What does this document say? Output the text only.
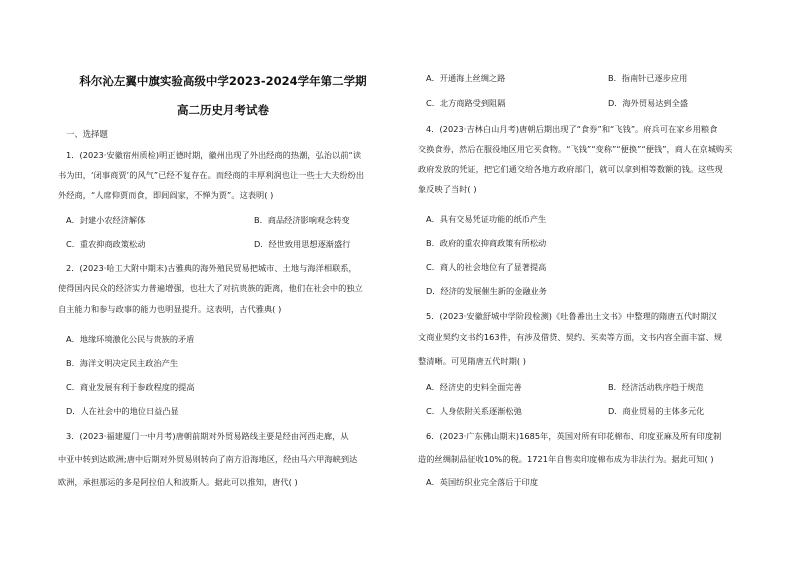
科尔沁左翼中旗实验高级中学2023-2024学年第二学期
高二历史月考试卷
一、选择题
1．(2023·安徽宿州质检)明正德时期，徽州出现了外出经商的热潮，弘治以前“读
书为田，‘闭事商贾’的风气”已经不复存在。而经商的丰厚利润也让一些士大夫纷纷出
外经商，“人席仰贾而食，即闾阎家，不惮为贾”。这表明( )
A．封建小农经济解体	B．商品经济影响观念转变
C．重农抑商政策松动	D．经世致用思想逐渐盛行
2．(2023·哈工大附中期末)古雅典的海外殖民贸易把城市、土地与海洋相联系，
使得国内民众的经济实力普遍增强，也壮大了对抗贵族的距离，他们在社会中的独立
自主能力和参与政事的能力也明显提升。这表明，古代雅典( )
A．地缘环境激化公民与贵族的矛盾
B．海洋文明决定民主政治产生
C．商业发展有利于参政程度的提高
D．人在社会中的地位日益凸显
3．(2023·福建厦门一中月考)唐朝前期对外贸易路线主要是经由河西走廊，从
中亚中转到达欧洲;唐中后期对外贸易则转向了南方沿海地区，经由马六甲海峡到达
欧洲，承担那运的多是阿拉伯人和波斯人。据此可以推知，唐代( )
A．开通海上丝绸之路	B．指南针已逐步应用
C．北方商路受到阻隔	D．海外贸易达到全盛
4．(2023·吉林白山月考)唐朝后期出现了“食券”和“飞钱”。府兵可在家乡用粮食
交换食券，然后在服役地区用它买食物。“飞钱”“变称”“便换”“便钱”，商人在京城购买
政府发放的凭证，把它们通交给各地方政府部门，就可以拿到相等数额的钱。这些现
象反映了当时( )
A．具有交易凭证功能的纸币产生
B．政府的重农抑商政策有所松动
C．商人的社会地位有了显著提高
D．经济的发展催生新的金融业务
5．(2023·安徽舒城中学阶段检测)《吐鲁番出土文书》中整理的隋唐五代时期汉
文商业契约文书约163件，有涉及借贷、契约、买卖等方面，文书内容全面丰富、规
整清晰。可见隋唐五代时期( )
A．经济史的史料全面完善	B．经济活动秩序趋于规范
C．人身依附关系逐渐松弛	D．商业贸易的主体多元化
6．(2023·广东佛山期末)1685年，英国对所有印花棉布、印度亚麻及所有印度制
造的丝绸制品征收10%的税。1721年自售卖印度棉布成为非法行为。据此可知( )
A．英国纺织业完全落后于印度
